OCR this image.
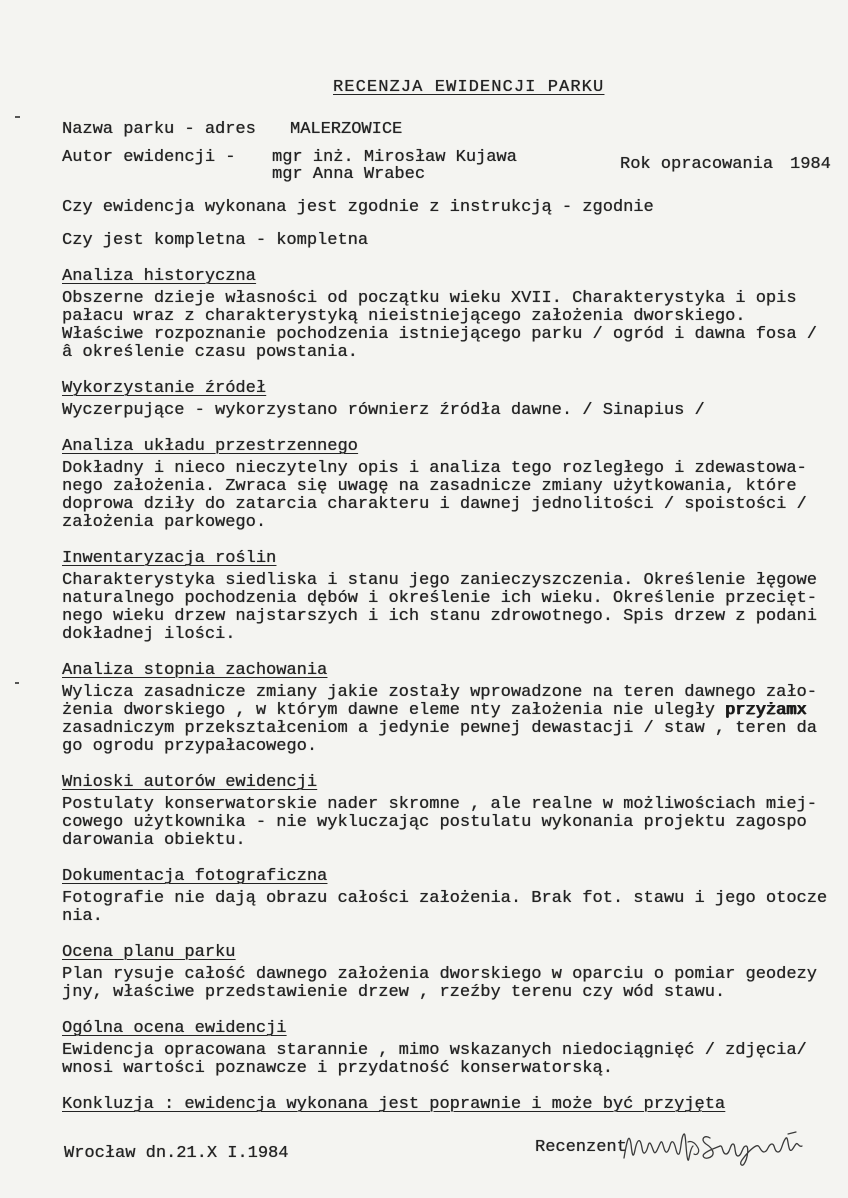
RECENZJA EWIDENCJI PARKU
Nazwa parku - adres MALERZOWICE
Autor ewidencji - mgr inż. Mirosław Kujawa
mgr Anna Wrabec
Rok opracowania 1984
Czy ewidencja wykonana jest zgodnie z instrukcją - zgodnie
Czy jest kompletna - kompletna
Analiza historyczna
Obszerne dzieje własności od początku wieku XVII. Charakterystyka i opis
pałacu wraz z charakterystyką nieistniejącego założenia dworskiego.
Właściwe rozpoznanie pochodzenia istniejącego parku / ogród i dawna fosa /
â określenie czasu powstania.
Wykorzystanie źródeł
Wyczerpujące - wykorzystano równierz źródła dawne. / Sinapius /
Analiza układu przestrzennego
Dokładny i nieco nieczytelny opis i analiza tego rozległego i zdewastowa-
nego założenia. Zwraca się uwagę na zasadnicze zmiany użytkowania, które
doprowa dziły do zatarcia charakteru i dawnej jednolitości / spoistości /
założenia parkowego.
Inwentaryzacja roślin
Charakterystyka siedliska i stanu jego zanieczyszczenia. Określenie łęgowe
naturalnego pochodzenia dębów i określenie ich wieku. Określenie przecięt-
nego wieku drzew najstarszych i ich stanu zdrowotnego. Spis drzew z podani
dokładnej ilości.
Analiza stopnia zachowania
Wylicza zasadnicze zmiany jakie zostały wprowadzone na teren dawnego zało-
żenia dworskiego , w którym dawne eleme nty założenia nie uległy przyżamx
zasadniczym przekształceniom a jedynie pewnej dewastacji / staw , teren da
go ogrodu przypałacowego.
Wnioski autorów ewidencji
Postulaty konserwatorskie nader skromne , ale realne w możliwościach miej-
cowego użytkownika - nie wykluczając postulatu wykonania projektu zagospo
darowania obiektu.
Dokumentacja fotograficzna
Fotografie nie dają obrazu całości założenia. Brak fot. stawu i jego otocze
nia.
Ocena planu parku
Plan rysuje całość dawnego założenia dworskiego w oparciu o pomiar geodezy
jny, właściwe przedstawienie drzew , rzeźby terenu czy wód stawu.
Ogólna ocena ewidencji
Ewidencja opracowana starannie , mimo wskazanych niedociągnięć / zdjęcia/
wnosi wartości poznawcze i przydatność konserwatorską.
Konkluzja : ewidencja wykonana jest poprawnie i może być przyjęta
Wrocław dn.21.X I.1984	Recenzent
